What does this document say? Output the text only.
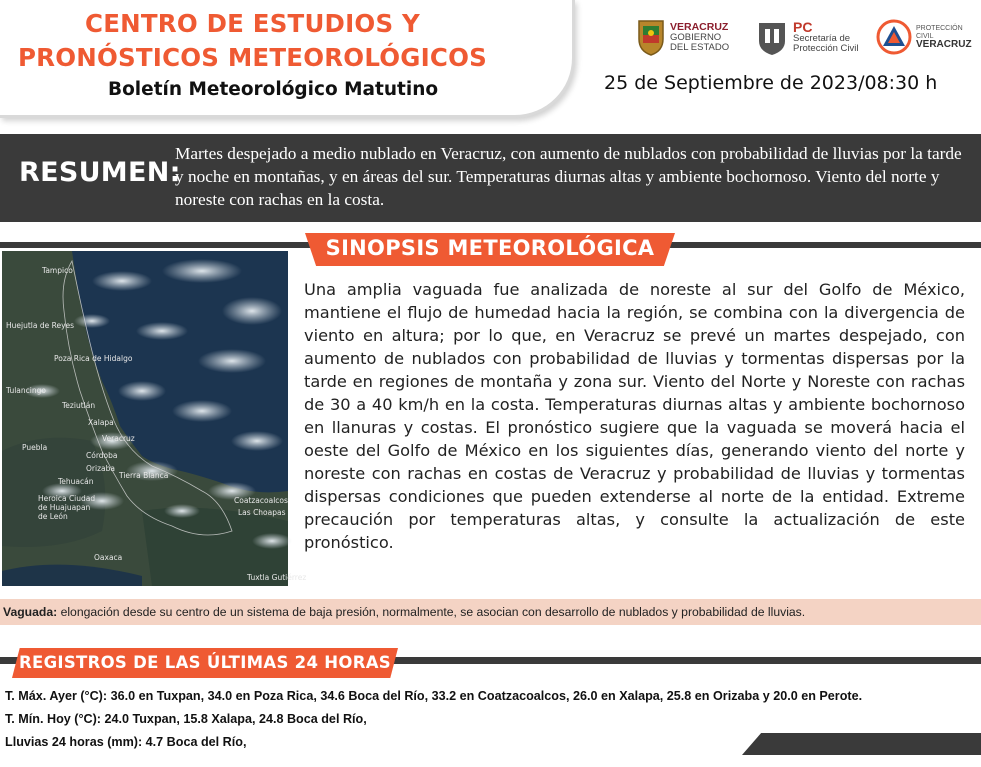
CENTRO DE ESTUDIOS Y
PRONÓSTICOS METEOROLÓGICOS
Boletín Meteorológico Matutino	25 de Septiembre de 2023/08:30 h
VERACRUZ
GOBIERNO
DEL ESTADO
PC
Secretaría de
Protección Civil
PROTECCIÓN CIVIL
VERACRUZ
RESUMEN:
Martes despejado a medio nublado en Veracruz, con aumento de nublados con probabilidad de lluvias por la tarde y noche en montañas, y en áreas del sur. Temperaturas diurnas altas y ambiente bochornoso. Viento del norte y noreste con rachas en la costa.
SINOPSIS METEOROLÓGICA
Tampico
Huejutla de Reyes
Poza Rica de Hidalgo
Tulancingo
Teziutlán
Xalapa
Veracruz
Puebla
Córdoba
Orizaba
Tehuacán
Tierra Blanca
Heroica Ciudad de Huajuapan de León
Coatzacoalcos
Las Choapas
Oaxaca
Tuxtla Gutiérrez
Una amplia vaguada fue analizada de noreste al sur del Golfo de México, mantiene el flujo de humedad hacia la región, se combina con la divergencia de viento en altura; por lo que, en Veracruz se prevé un martes despejado, con aumento de nublados con probabilidad de lluvias y tormentas dispersas por la tarde en regiones de montaña y zona sur. Viento del Norte y Noreste con rachas de 30 a 40 km/h en la costa. Temperaturas diurnas altas y ambiente bochornoso en llanuras y costas. El pronóstico sugiere que la vaguada se moverá hacia el oeste del Golfo de México en los siguientes días, generando viento del norte y noreste con rachas en costas de Veracruz y probabilidad de lluvias y tormentas dispersas condiciones que pueden extenderse al norte de la entidad. Extreme precaución por temperaturas altas, y consulte la actualización de este pronóstico.
Vaguada: elongación desde su centro de un sistema de baja presión, normalmente, se asocian con desarrollo de nublados y probabilidad de lluvias.
REGISTROS DE LAS ÚLTIMAS 24 HORAS
T. Máx. Ayer (°C): 36.0 en Tuxpan, 34.0 en Poza Rica, 34.6 Boca del Río, 33.2 en Coatzacoalcos, 26.0 en Xalapa, 25.8 en Orizaba y 20.0 en Perote.
T. Mín. Hoy (°C): 24.0 Tuxpan, 15.8 Xalapa, 24.8 Boca del Río,
Lluvias 24 horas (mm): 4.7 Boca del Río,
